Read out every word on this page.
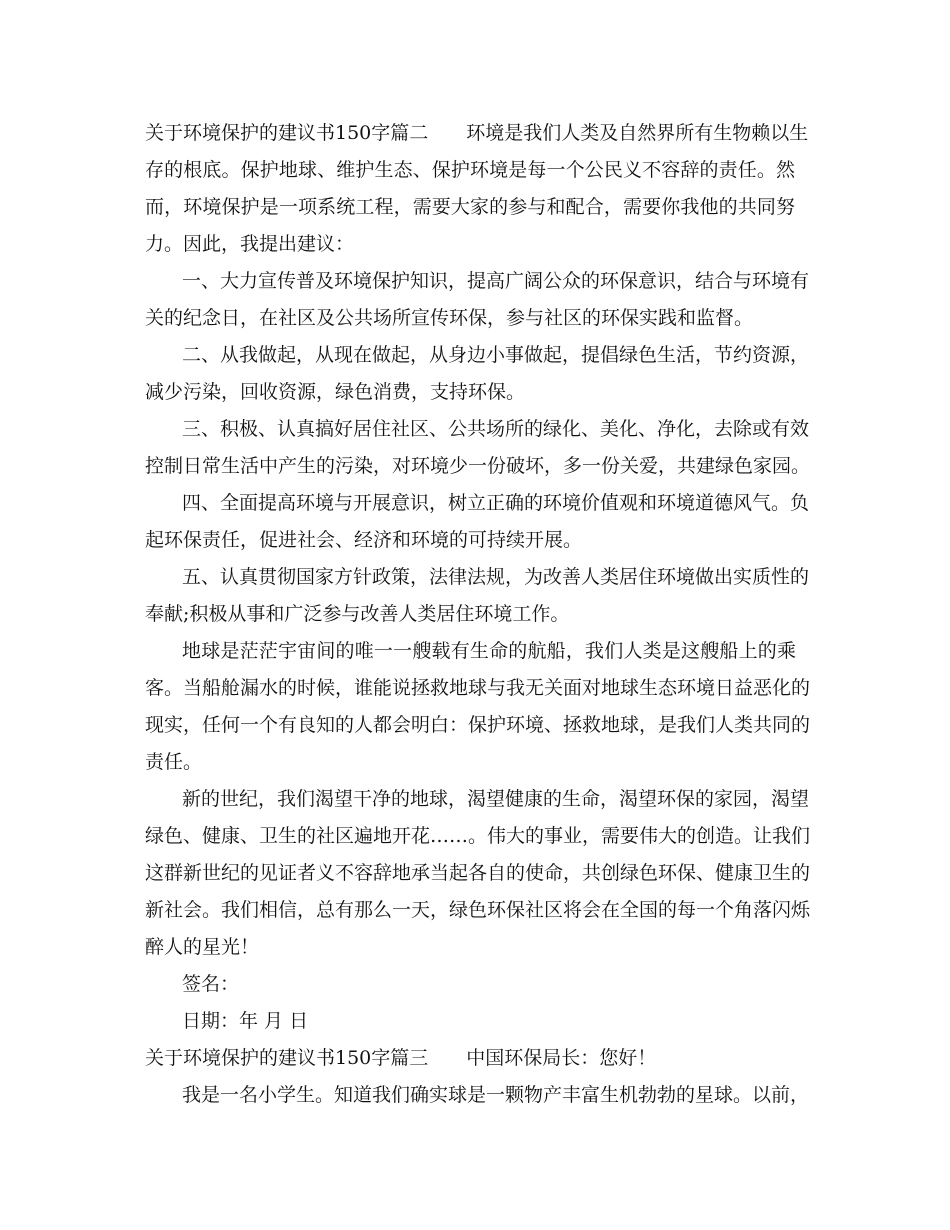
关于环境保护的建议书150字篇二　　环境是我们人类及自然界所有生物赖以生
存的根底。保护地球、维护生态、保护环境是每一个公民义不容辞的责任。然
而，环境保护是一项系统工程，需要大家的参与和配合，需要你我他的共同努
力。因此，我提出建议：
一、大力宣传普及环境保护知识，提高广阔公众的环保意识，结合与环境有
关的纪念日，在社区及公共场所宣传环保，参与社区的环保实践和监督。
二、从我做起，从现在做起，从身边小事做起，提倡绿色生活，节约资源，
减少污染，回收资源，绿色消费，支持环保。
三、积极、认真搞好居住社区、公共场所的绿化、美化、净化，去除或有效
控制日常生活中产生的污染，对环境少一份破坏，多一份关爱，共建绿色家园。
四、全面提高环境与开展意识，树立正确的环境价值观和环境道德风气。负
起环保责任，促进社会、经济和环境的可持续开展。
五、认真贯彻国家方针政策，法律法规，为改善人类居住环境做出实质性的
奉献;积极从事和广泛参与改善人类居住环境工作。
地球是茫茫宇宙间的唯一一艘载有生命的航船，我们人类是这艘船上的乘
客。当船舱漏水的时候，谁能说拯救地球与我无关面对地球生态环境日益恶化的
现实，任何一个有良知的人都会明白：保护环境、拯救地球，是我们人类共同的
责任。
新的世纪，我们渴望干净的地球，渴望健康的生命，渴望环保的家园，渴望
绿色、健康、卫生的社区遍地开花……。伟大的事业，需要伟大的创造。让我们
这群新世纪的见证者义不容辞地承当起各自的使命，共创绿色环保、健康卫生的
新社会。我们相信，总有那么一天，绿色环保社区将会在全国的每一个角落闪烁
醉人的星光！
签名：
日期：年 月 日
关于环境保护的建议书150字篇三　　中国环保局长：您好！
我是一名小学生。知道我们确实球是一颗物产丰富生机勃勃的星球。以前，
